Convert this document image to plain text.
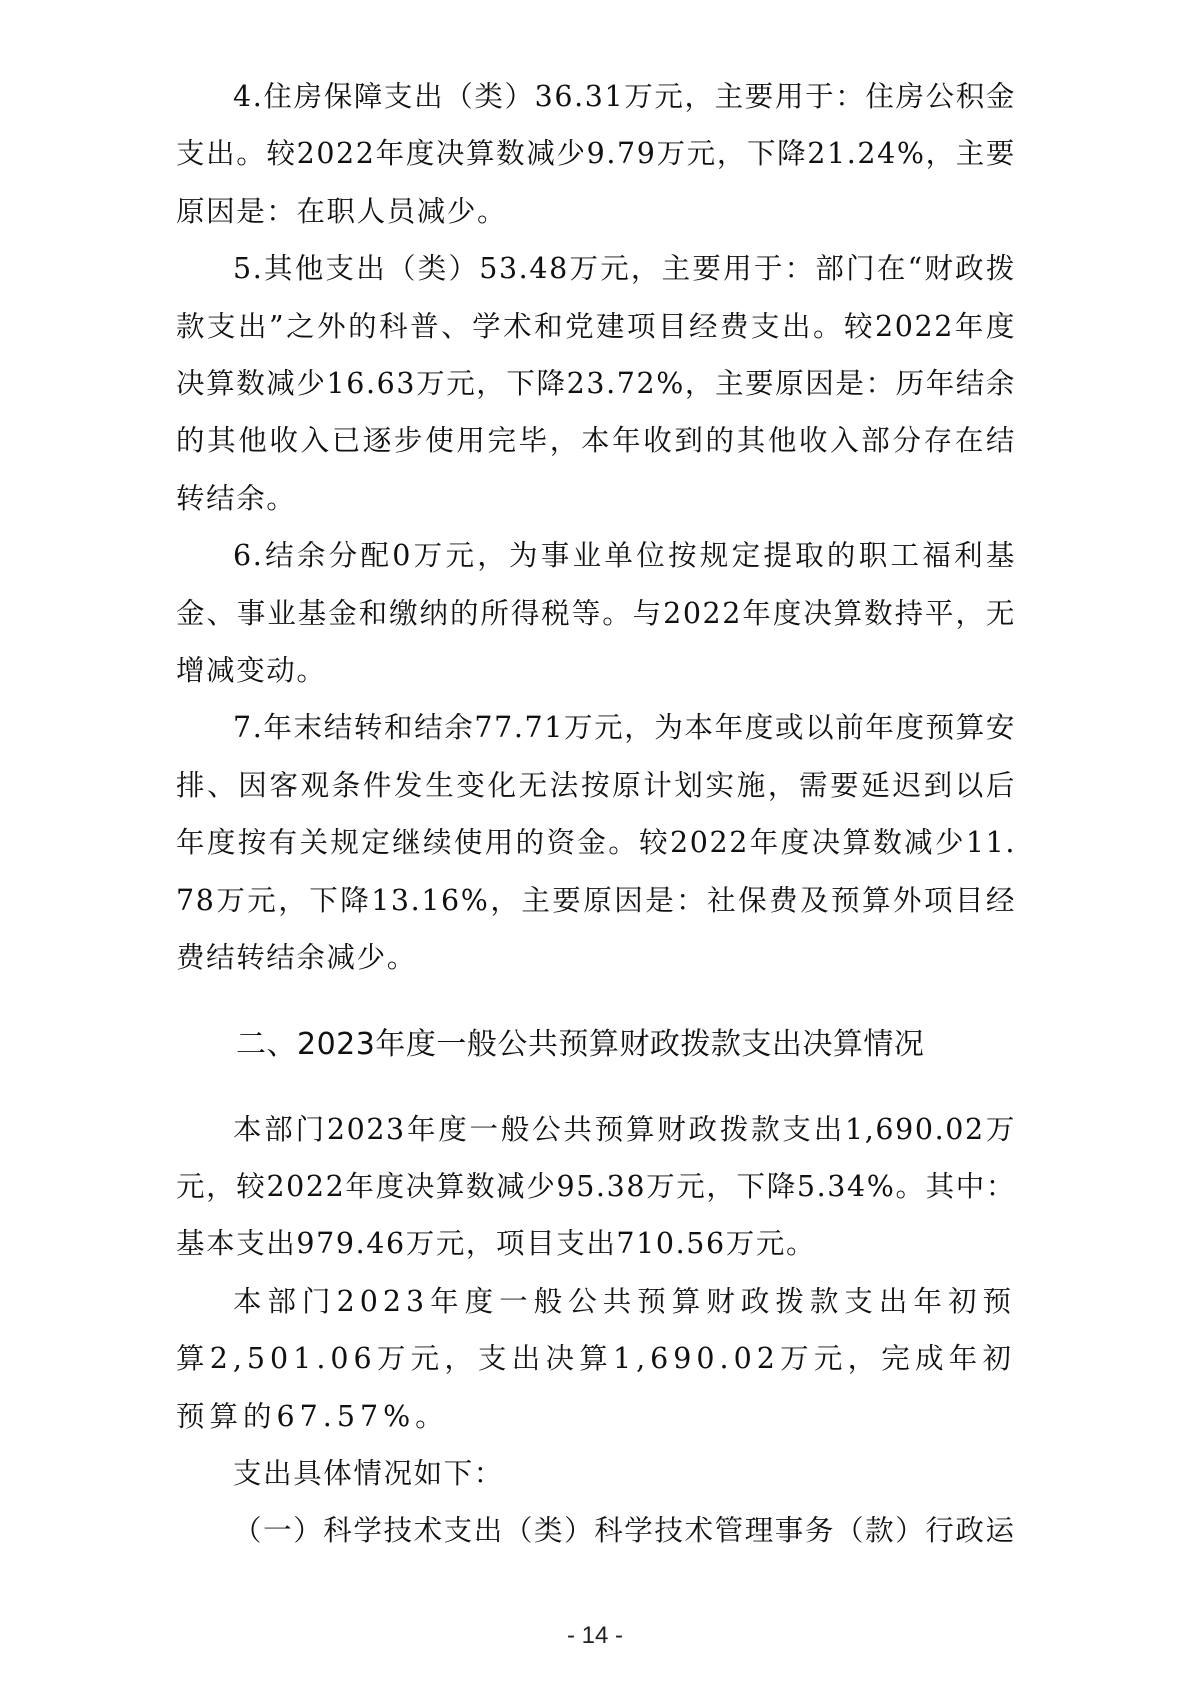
4.住房保障支出（类）36.31万元，主要用于：住房公积金支出。较2022年度决算数减少9.79万元，下降21.24%，主要原因是：在职人员减少。

5.其他支出（类）53.48万元，主要用于：部门在“财政拨款支出”之外的科普、学术和党建项目经费支出。较2022年度决算数减少16.63万元，下降23.72%，主要原因是：历年结余的其他收入已逐步使用完毕，本年收到的其他收入部分存在结转结余。

6.结余分配0万元，为事业单位按规定提取的职工福利基金、事业基金和缴纳的所得税等。与2022年度决算数持平，无增减变动。

7.年末结转和结余77.71万元，为本年度或以前年度预算安排、因客观条件发生变化无法按原计划实施，需要延迟到以后年度按有关规定继续使用的资金。较2022年度决算数减少11.78万元，下降13.16%，主要原因是：社保费及预算外项目经费结转结余减少。

二、2023年度一般公共预算财政拨款支出决算情况

本部门2023年度一般公共预算财政拨款支出1,690.02万元，较2022年度决算数减少95.38万元，下降5.34%。其中：基本支出979.46万元，项目支出710.56万元。

本部门2023年度一般公共预算财政拨款支出年初预算2,501.06万元，支出决算1,690.02万元，完成年初预算的67.57%。

支出具体情况如下：

（一）科学技术支出（类）科学技术管理事务（款）行政运

- 14 -
